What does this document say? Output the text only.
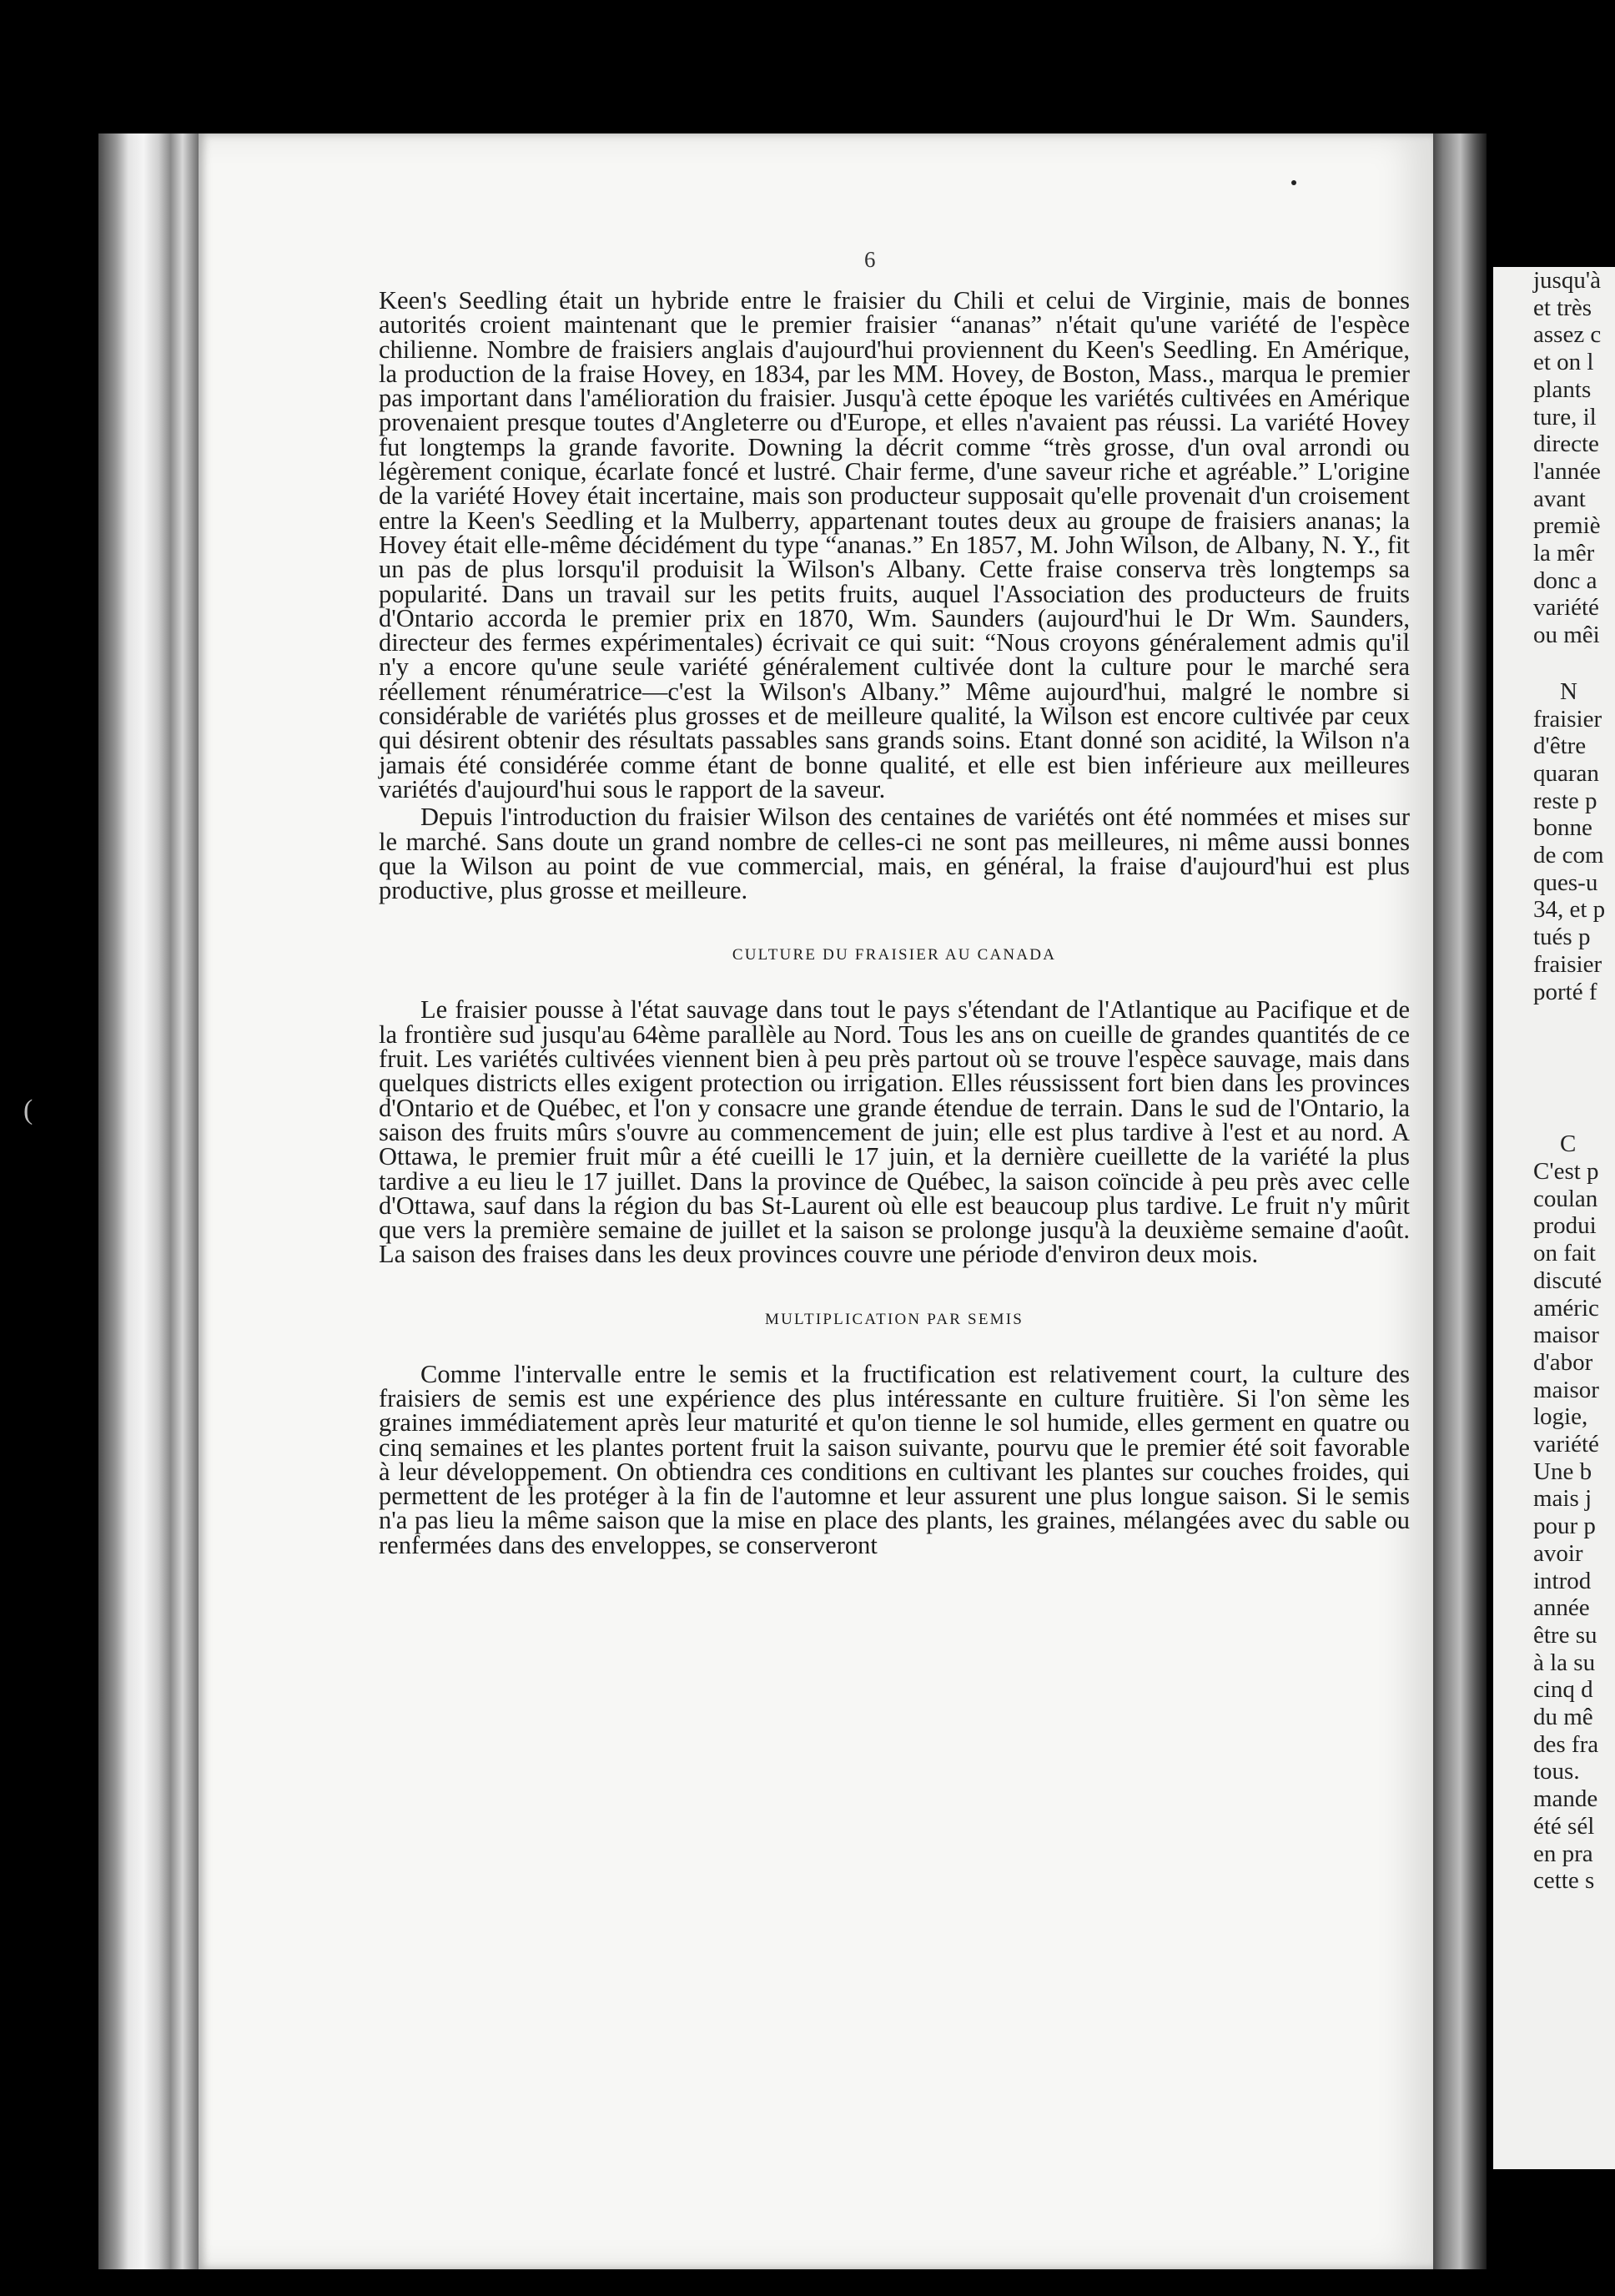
(
6

Keen's Seedling était un hybride entre le fraisier du Chili et celui de Virginie, mais de bonnes autorités croient maintenant que le premier fraisier “ananas” n'était qu'une variété de l'espèce chilienne. Nombre de fraisiers anglais d'aujourd'hui proviennent du Keen's Seedling. En Amérique, la production de la fraise Hovey, en 1834, par les MM. Hovey, de Boston, Mass., marqua le premier pas important dans l'amélioration du fraisier. Jusqu'à cette époque les variétés cultivées en Amérique provenaient presque toutes d'Angleterre ou d'Europe, et elles n'avaient pas réussi. La variété Hovey fut longtemps la grande favorite. Downing la décrit comme “très grosse, d'un oval arrondi ou légèrement conique, écarlate foncé et lustré. Chair ferme, d'une saveur riche et agréable.” L'origine de la variété Hovey était incertaine, mais son producteur supposait qu'elle provenait d'un croisement entre la Keen's Seedling et la Mulberry, appartenant toutes deux au groupe de fraisiers ananas; la Hovey était elle-même décidément du type “ananas.” En 1857, M. John Wilson, de Albany, N. Y., fit un pas de plus lorsqu'il produisit la Wilson's Albany. Cette fraise conserva très longtemps sa popularité. Dans un travail sur les petits fruits, auquel l'Association des producteurs de fruits d'Ontario accorda le premier prix en 1870, Wm. Saunders (aujourd'hui le Dr Wm. Saunders, directeur des fermes expérimentales) écrivait ce qui suit: “Nous croyons généralement admis qu'il n'y a encore qu'une seule variété généralement cultivée dont la culture pour le marché sera réellement rénumératrice—c'est la Wilson's Albany.” Même aujourd'hui, malgré le nombre si considérable de variétés plus grosses et de meilleure qualité, la Wilson est encore cultivée par ceux qui désirent obtenir des résultats passables sans grands soins. Etant donné son acidité, la Wilson n'a jamais été considérée comme étant de bonne qualité, et elle est bien inférieure aux meilleures variétés d'aujourd'hui sous le rapport de la saveur.

Depuis l'introduction du fraisier Wilson des centaines de variétés ont été nommées et mises sur le marché. Sans doute un grand nombre de celles-ci ne sont pas meilleures, ni même aussi bonnes que la Wilson au point de vue commercial, mais, en général, la fraise d'aujourd'hui est plus productive, plus grosse et meilleure.

CULTURE DU FRAISIER AU CANADA

Le fraisier pousse à l'état sauvage dans tout le pays s'étendant de l'Atlantique au Pacifique et de la frontière sud jusqu'au 64ème parallèle au Nord. Tous les ans on cueille de grandes quantités de ce fruit. Les variétés cultivées viennent bien à peu près partout où se trouve l'espèce sauvage, mais dans quelques districts elles exigent protection ou irrigation. Elles réussissent fort bien dans les provinces d'Ontario et de Québec, et l'on y consacre une grande étendue de terrain. Dans le sud de l'Ontario, la saison des fruits mûrs s'ouvre au commencement de juin; elle est plus tardive à l'est et au nord. A Ottawa, le premier fruit mûr a été cueilli le 17 juin, et la dernière cueillette de la variété la plus tardive a eu lieu le 17 juillet. Dans la province de Québec, la saison coïncide à peu près avec celle d'Ottawa, sauf dans la région du bas St-Laurent où elle est beaucoup plus tardive. Le fruit n'y mûrit que vers la première semaine de juillet et la saison se prolonge jusqu'à la deuxième semaine d'août. La saison des fraises dans les deux provinces couvre une période d'environ deux mois.

MULTIPLICATION PAR SEMIS

Comme l'intervalle entre le semis et la fructification est relativement court, la culture des fraisiers de semis est une expérience des plus intéressante en culture fruitière. Si l'on sème les graines immédiatement après leur maturité et qu'on tienne le sol humide, elles germent en quatre ou cinq semaines et les plantes portent fruit la saison suivante, pourvu que le premier été soit favorable à leur développement. On obtiendra ces conditions en cultivant les plantes sur couches froides, qui permettent de les protéger à la fin de l'automne et leur assurent une plus longue saison. Si le semis n'a pas lieu la même saison que la mise en place des plants, les graines, mélangées avec du sable ou renfermées dans des enveloppes, se conserveront

jusqu'à
et très
assez c
et on l
plants
ture, il
directe
l'année
avant
premiè
la mêr
donc a
variété
ou mêi
N
fraisier
d'être
quaran
reste p
bonne
de com
ques-u
34, et p
tués p
fraisier
porté f
C
C'est p
coulan
produi
on fait
discuté
améric
maisor
d'abor
maisor
logie,
variété
Une b
mais j
pour p
avoir
introd
année
être su
à la su
cinq d
du mê
des fra
tous.
mande
été sél
en pra
cette s
